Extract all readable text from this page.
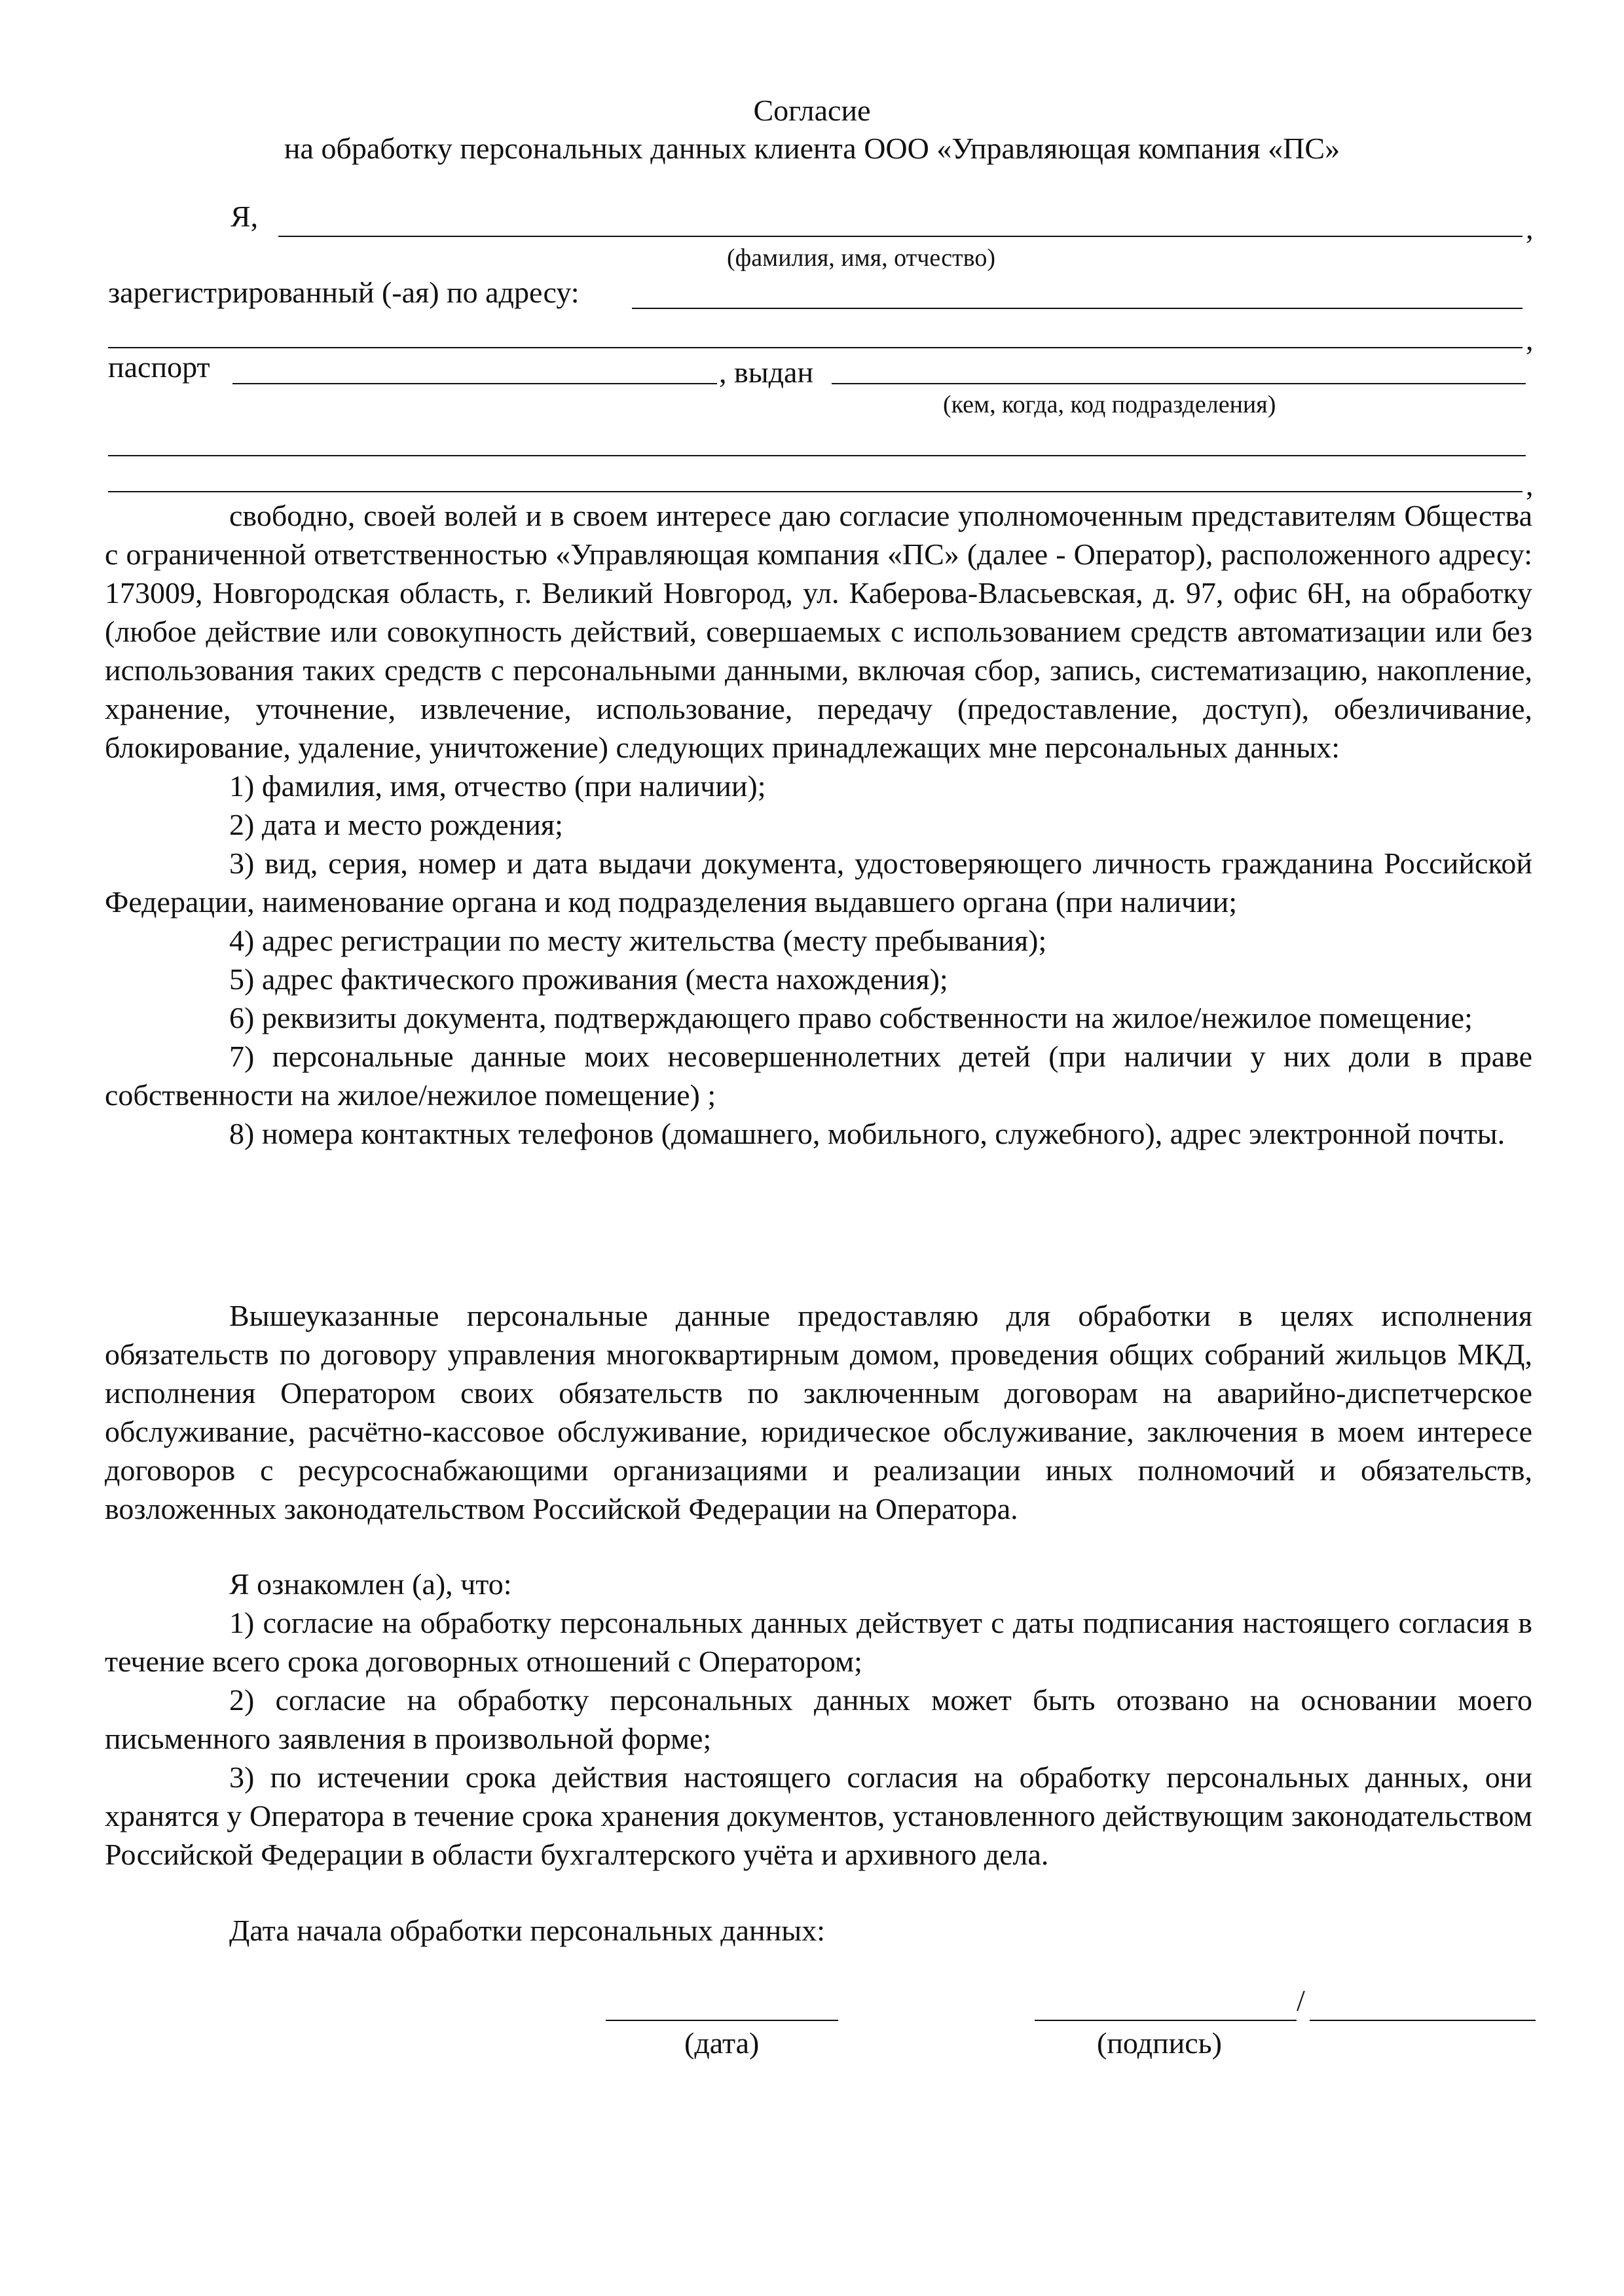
Согласие
на обработку персональных данных клиента ООО «Управляющая компания «ПС»
Я,	,
(фамилия, имя, отчество)
зарегистрированный (-ая) по адресу:
,
паспорт	, выдан
(кем, когда, код подразделения)
,

свободно, своей волей и в своем интересе даю согласие уполномоченным представителям Общества с ограниченной ответственностью «Управляющая компания «ПС» (далее - Оператор), расположенного адресу: 173009, Новгородская область, г. Великий Новгород, ул. Каберова-Власьевская, д. 97, офис 6Н, на обработку (любое действие или совокупность действий, совершаемых с использованием средств автоматизации или без использования таких средств с персональными данными, включая сбор, запись, систематизацию, накопление, хранение, уточнение, извлечение, использование, передачу (предоставление, доступ), обезличивание, блокирование, удаление, уничтожение) следующих принадлежащих мне персональных данных:

1) фамилия, имя, отчество (при наличии);

2) дата и место рождения;

3) вид, серия, номер и дата выдачи документа, удостоверяющего личность гражданина Российской Федерации, наименование органа и код подразделения выдавшего органа (при наличии;

4) адрес регистрации по месту жительства (месту пребывания);

5) адрес фактического проживания (места нахождения);

6) реквизиты документа, подтверждающего право собственности на жилое/нежилое помещение;

7) персональные данные моих несовершеннолетних детей (при наличии у них доли в праве собственности на жилое/нежилое помещение) ;

8) номера контактных телефонов (домашнего, мобильного, служебного), адрес электронной почты.

Вышеуказанные персональные данные предоставляю для обработки в целях исполнения обязательств по договору управления многоквартирным домом, проведения общих собраний жильцов МКД, исполнения Оператором своих обязательств по заключенным договорам на аварийно-диспетчерское обслуживание, расчётно-кассовое обслуживание, юридическое обслуживание, заключения в моем интересе договоров с ресурсоснабжающими организациями и реализации иных полномочий и обязательств, возложенных законодательством Российской Федерации на Оператора.

Я ознакомлен (а), что:

1) согласие на обработку персональных данных действует с даты подписания настоящего согласия в течение всего срока договорных отношений с Оператором;

2) согласие на обработку персональных данных может быть отозвано на основании моего письменного заявления в произвольной форме;

3) по истечении срока действия настоящего согласия на обработку персональных данных, они хранятся у Оператора в течение срока хранения документов, установленного действующим законодательством Российской Федерации в области бухгалтерского учёта и архивного дела.

Дата начала обработки персональных данных:
(дата)
/
(подпись)
